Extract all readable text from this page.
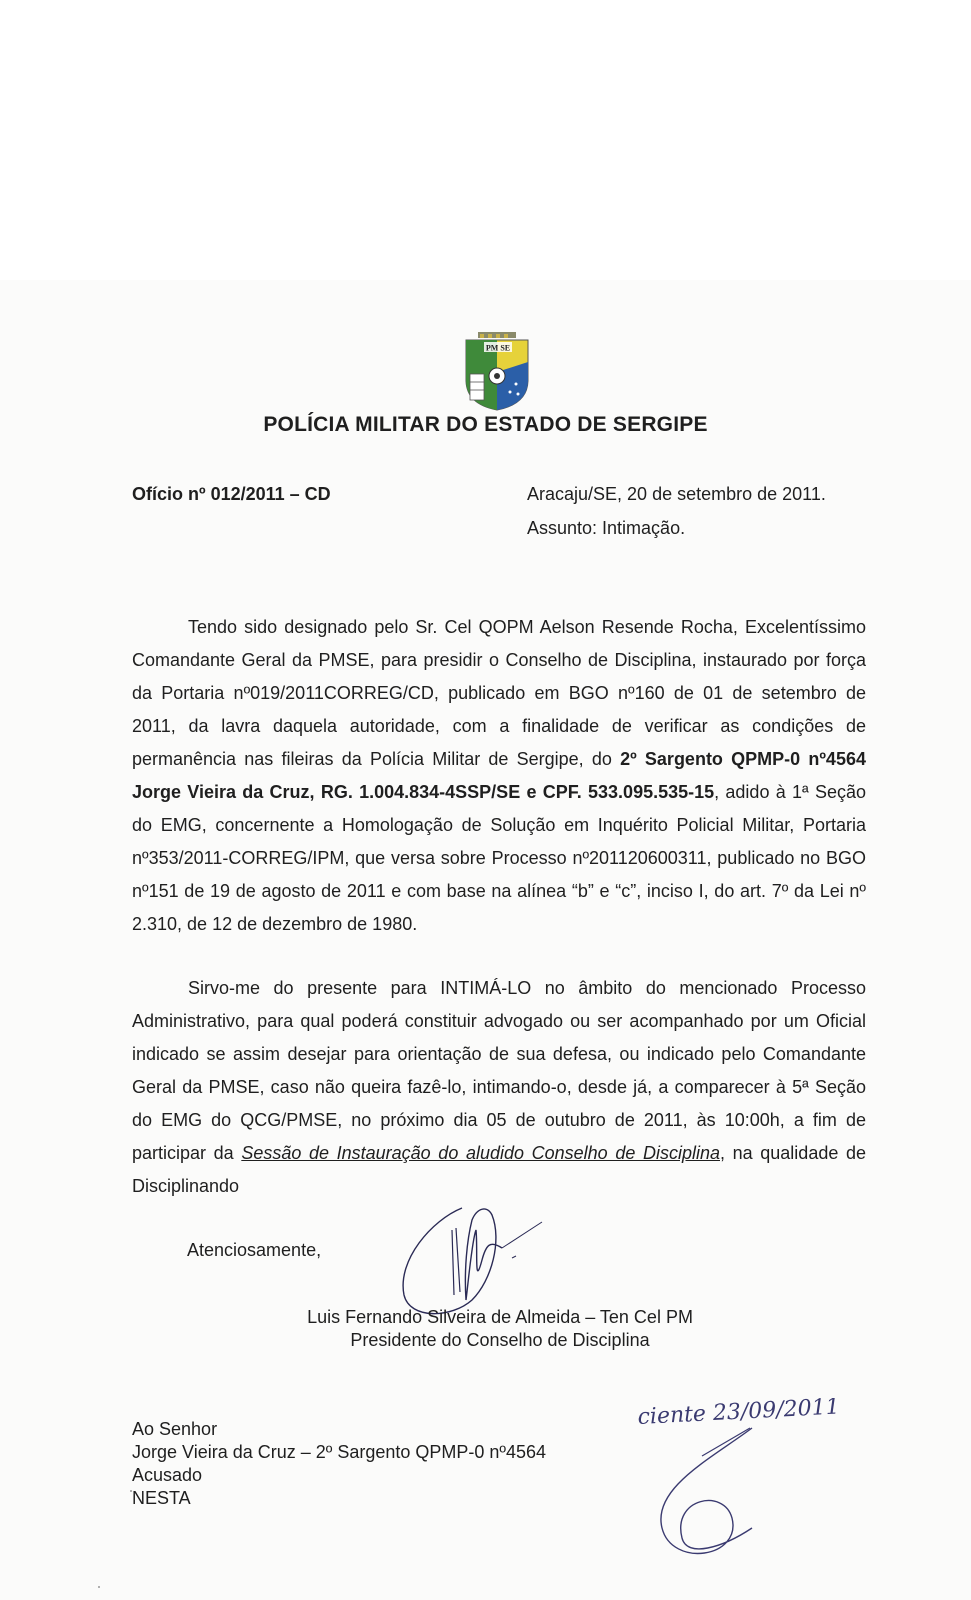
PM SE
POLÍCIA MILITAR DO ESTADO DE SERGIPE
Ofício nº 012/2011 – CD	Aracaju/SE, 20 de setembro de 2011.
Assunto: Intimação.
Tendo sido designado pelo Sr. Cel QOPM Aelson Resende Rocha, Excelentíssimo Comandante Geral da PMSE, para presidir o Conselho de Disciplina, instaurado por força da Portaria nº019/2011CORREG/CD, publicado em BGO nº160 de 01 de setembro de 2011, da lavra daquela autoridade, com a finalidade de verificar as condições de permanência nas fileiras da Polícia Militar de Sergipe, do 2º Sargento QPMP-0 nº4564 Jorge Vieira da Cruz, RG. 1.004.834-4SSP/SE e CPF. 533.095.535-15, adido à 1ª Seção do EMG, concernente a Homologação de Solução em Inquérito Policial Militar, Portaria nº353/2011-CORREG/IPM, que versa sobre Processo nº201120600311, publicado no BGO nº151 de 19 de agosto de 2011 e com base na alínea “b” e “c”, inciso I, do art. 7º da Lei nº 2.310, de 12 de dezembro de 1980.
Sirvo-me do presente para INTIMÁ-LO no âmbito do mencionado Processo Administrativo, para qual poderá constituir advogado ou ser acompanhado por um Oficial indicado se assim desejar para orientação de sua defesa, ou indicado pelo Comandante Geral da PMSE, caso não queira fazê-lo, intimando-o, desde já, a comparecer à 5ª Seção do EMG do QCG/PMSE, no próximo dia 05 de outubro de 2011, às 10:00h, a fim de participar da Sessão de Instauração do aludido Conselho de Disciplina, na qualidade de Disciplinando
Atenciosamente,
Luis Fernando Silveira de Almeida – Ten Cel PM
Presidente do Conselho de Disciplina
Ao Senhor
Jorge Vieira da Cruz – 2º Sargento QPMP-0 nº4564
Acusado
NESTA
ciente 23/09/2011
